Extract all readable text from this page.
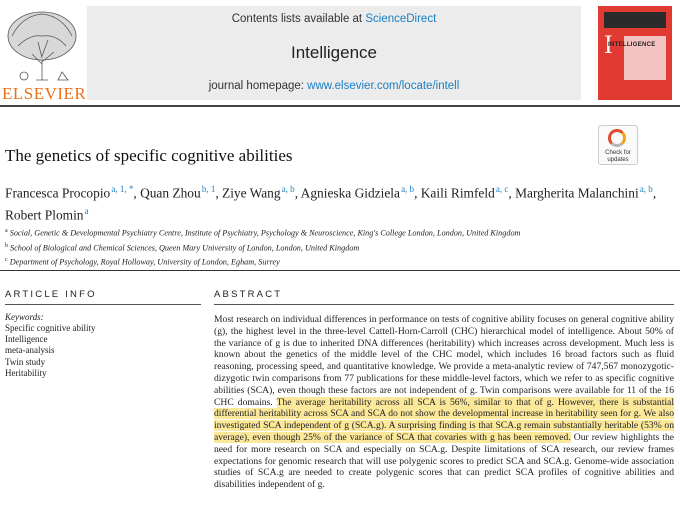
ELSEVIER
Contents lists available at ScienceDirect
Intelligence
journal homepage: www.elsevier.com/locate/intell
I
INTELLIGENCE
The genetics of specific cognitive abilities	Check for
updates
Francesca Procopio $^{a, 1, *}$, Quan Zhou $^{b, 1}$, Ziye Wang $^{a, b}$, Agnieska Gidziela $^{a, b}$, Kaili Rimfeld $^{a, c}$, Margherita Malanchini $^{a, b}$, Robert Plomin $^a$
$^a$ Social, Genetic & Developmental Psychiatry Centre, Institute of Psychiatry, Psychology & Neuroscience, King's College London, London, United Kingdom
$^b$ School of Biological and Chemical Sciences, Queen Mary University of London, London, United Kingdom
$^c$ Department of Psychology, Royal Holloway, University of London, Egham, Surrey
ARTICLE INFO
Keywords:
Specific cognitive ability
Intelligence
meta-analysis
Twin study
Heritability
ABSTRACT
Most research on individual differences in performance on tests of cognitive ability focuses on general cognitive ability (g), the highest level in the three-level Cattell-Horn-Carroll (CHC) hierarchical model of intelligence. About 50% of the variance of g is due to inherited DNA differences (heritability) which increases across development. Much less is known about the genetics of the middle level of the CHC model, which includes 16 broad factors such as fluid reasoning, processing speed, and quantitative knowledge. We provide a meta-analytic review of 747,567 monozygotic-dizygotic twin comparisons from 77 publications for these middle-level factors, which we refer to as specific cognitive abilities (SCA), even though these factors are not independent of g. Twin comparisons were available for 11 of the 16 CHC domains. The average heritability across all SCA is 56%, similar to that of g. However, there is substantial differential heritability across SCA and SCA do not show the developmental increase in heritability seen for g. We also investigated SCA independent of g (SCA.g). A surprising finding is that SCA.g remain substantially heritable (53% on average), even though 25% of the variance of SCA that covaries with g has been removed. Our review highlights the need for more research on SCA and especially on SCA.g. Despite limitations of SCA research, our review frames expectations for genomic research that will use polygenic scores to predict SCA and SCA.g. Genome-wide association studies of SCA.g are needed to create polygenic scores that can predict SCA profiles of cognitive abilities and disabilities independent of g.
